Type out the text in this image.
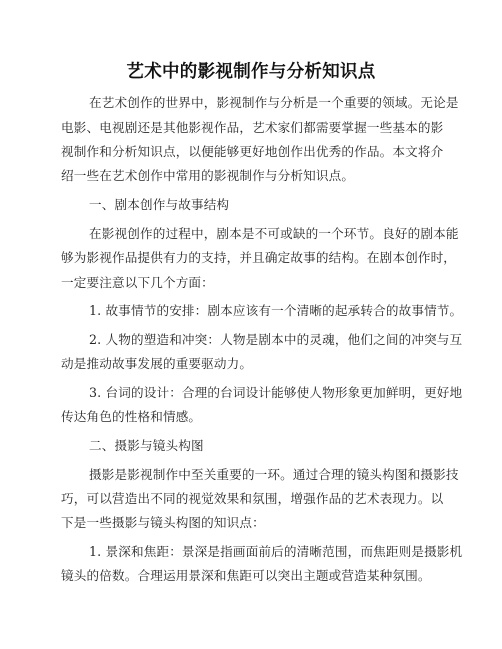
艺术中的影视制作与分析知识点
在艺术创作的世界中，影视制作与分析是一个重要的领域。无论是
电影、电视剧还是其他影视作品，艺术家们都需要掌握一些基本的影
视制作和分析知识点，以便能够更好地创作出优秀的作品。本文将介
绍一些在艺术创作中常用的影视制作与分析知识点。
一、剧本创作与故事结构
在影视创作的过程中，剧本是不可或缺的一个环节。良好的剧本能
够为影视作品提供有力的支持，并且确定故事的结构。在剧本创作时，
一定要注意以下几个方面：
1. 故事情节的安排：剧本应该有一个清晰的起承转合的故事情节。
2. 人物的塑造和冲突：人物是剧本中的灵魂，他们之间的冲突与互
动是推动故事发展的重要驱动力。
3. 台词的设计：合理的台词设计能够使人物形象更加鲜明，更好地
传达角色的性格和情感。
二、摄影与镜头构图
摄影是影视制作中至关重要的一环。通过合理的镜头构图和摄影技
巧，可以营造出不同的视觉效果和氛围，增强作品的艺术表现力。以
下是一些摄影与镜头构图的知识点：
1. 景深和焦距：景深是指画面前后的清晰范围，而焦距则是摄影机
镜头的倍数。合理运用景深和焦距可以突出主题或营造某种氛围。
